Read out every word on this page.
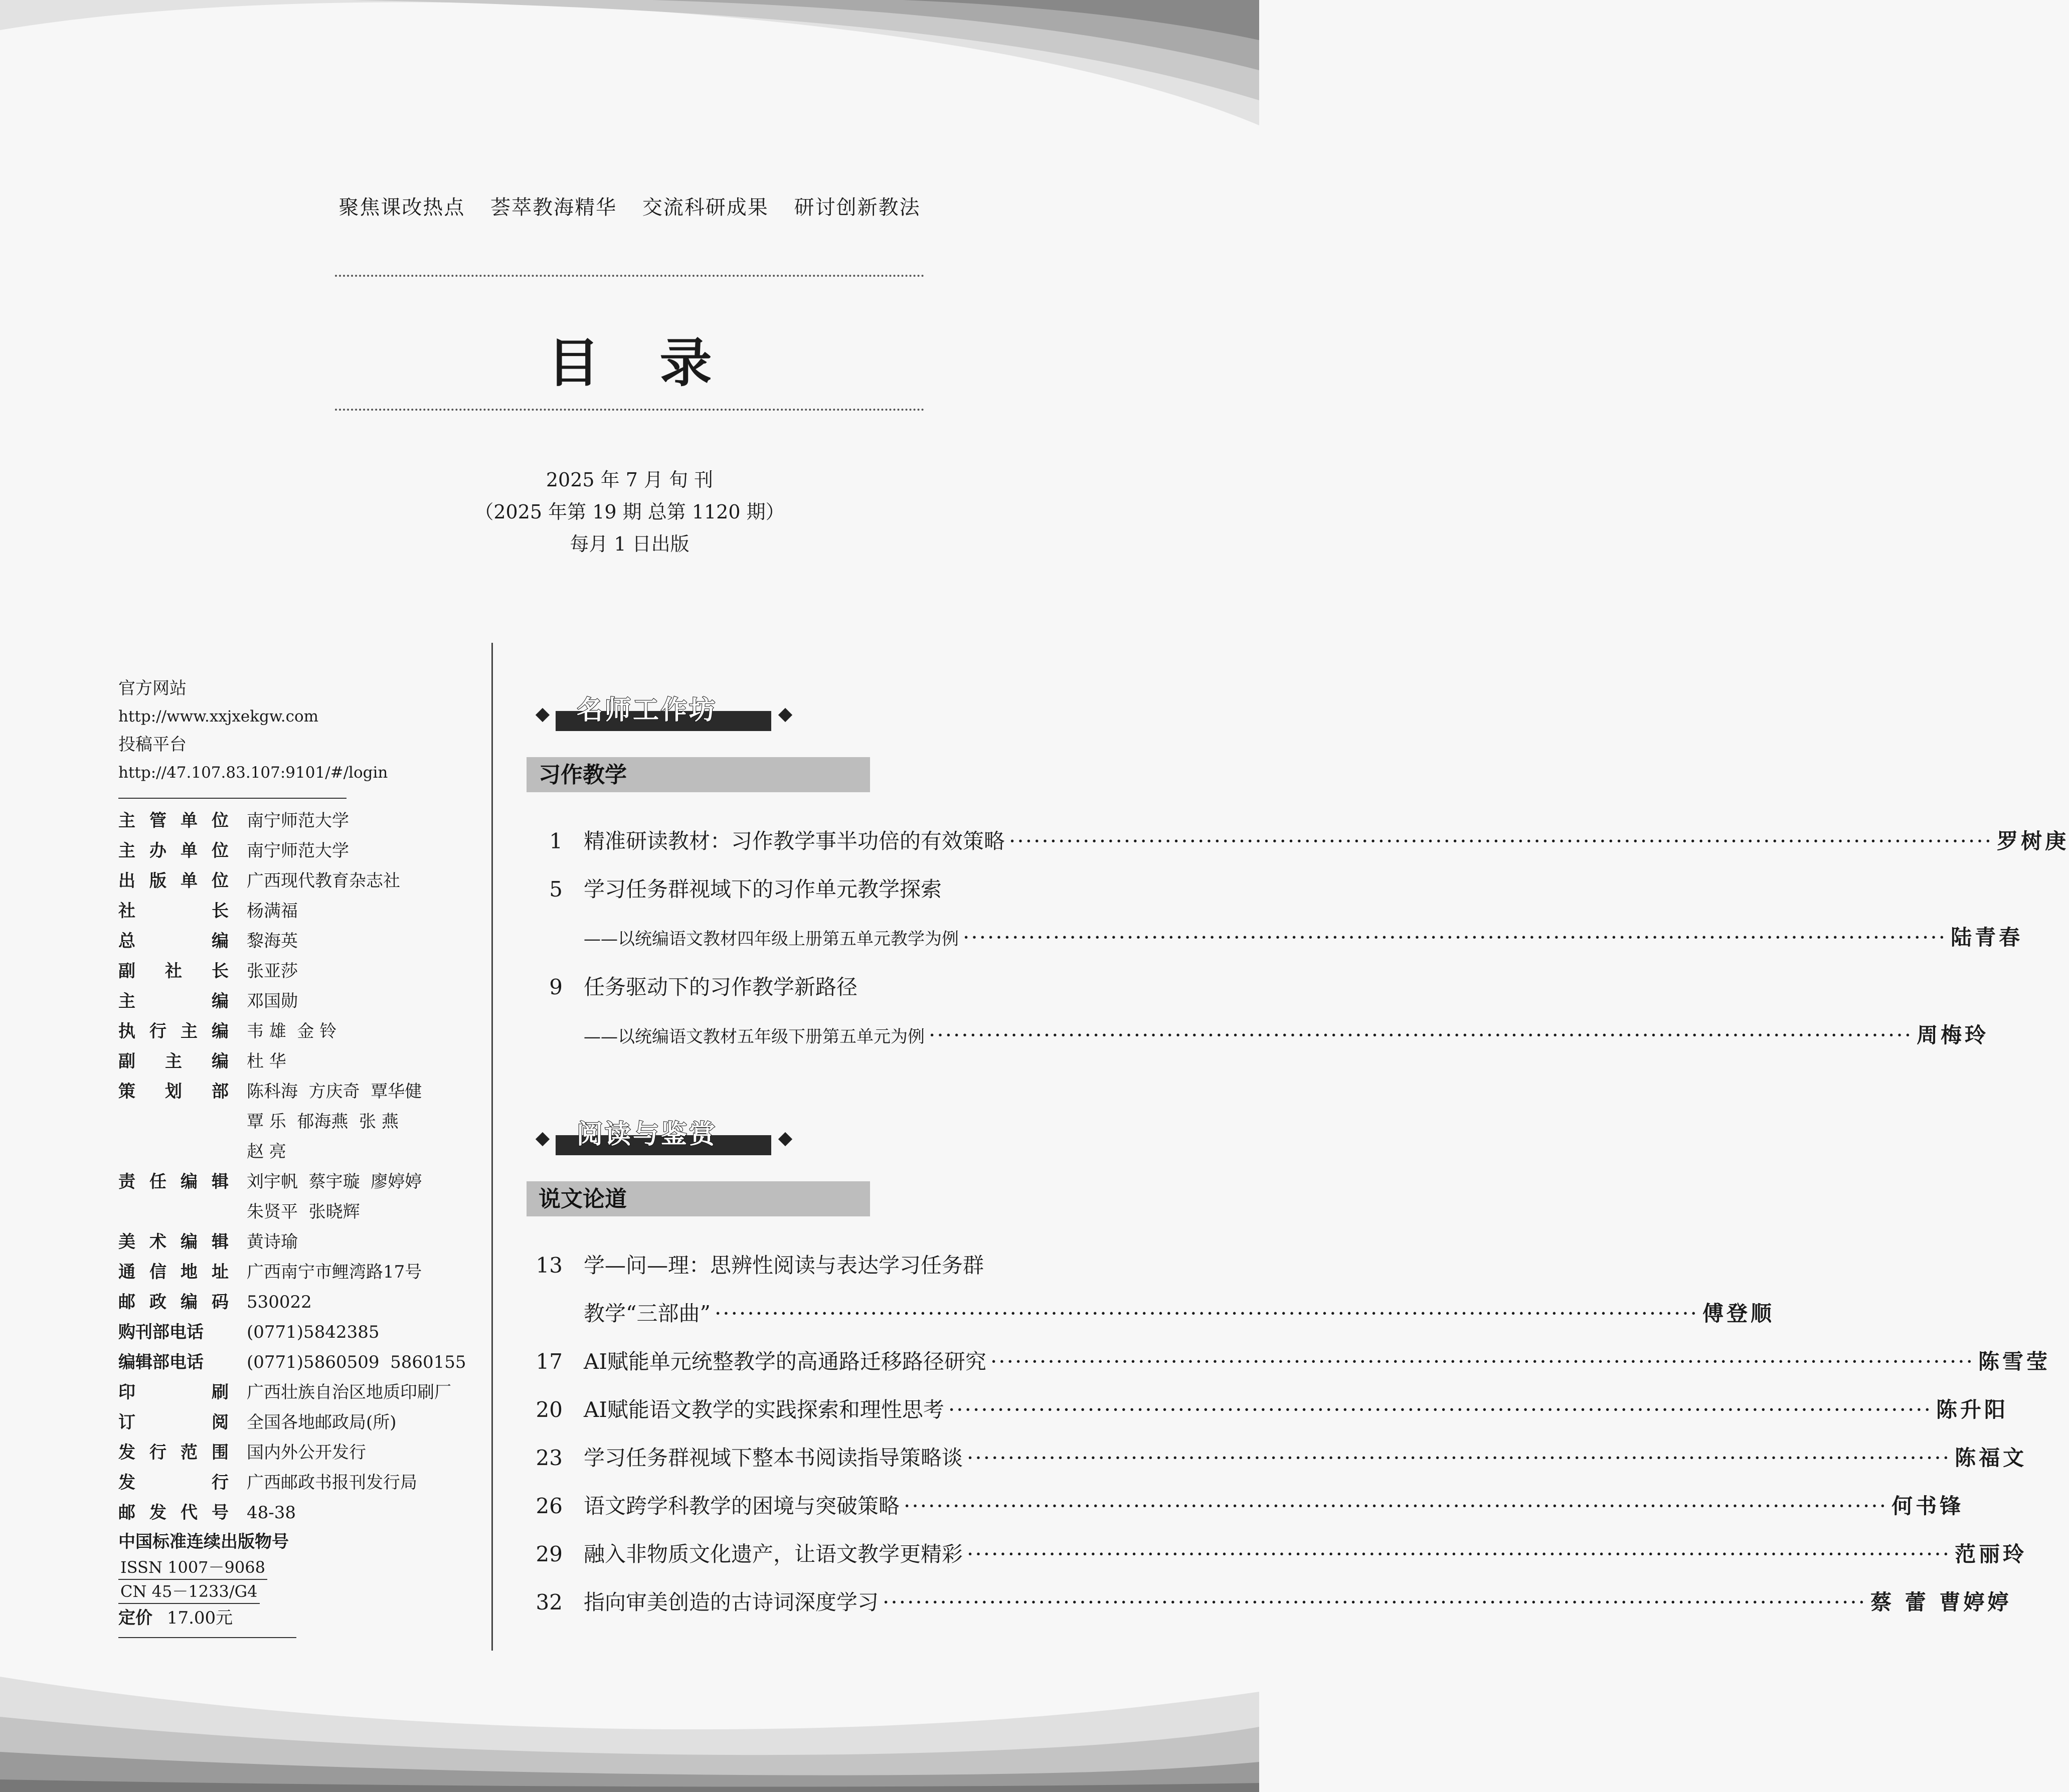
聚焦课改热点 荟萃教海精华 交流科研成果 研讨创新教法
目录
2025 年 7 月 旬 刊
（2025 年第 19 期 总第 1120 期）
每月 1 日出版
官方网站
http://www.xxjxekgw.com
投稿平台
http://47.107.83.107:9101/#/login
主管单位 南宁师范大学
主办单位 南宁师范大学
出版单位 广西现代教育杂志社
社长 杨满福
总编 黎海英
副社长 张亚莎
主编 邓国勋
执行主编 韦 雄  金 铃
副主编 杜 华
策划部 陈科海  方庆奇  覃华健
覃 乐  郁海燕  张 燕
赵 亮
责任编辑 刘宇帆  蔡宇璇  廖婷婷
朱贤平  张晓辉
美术编辑 黄诗瑜
通信地址 广西南宁市鲤湾路17号
邮政编码 530022
购刊部电话	(0771)5842385
编辑部电话	(0771)5860509  5860155
印刷 广西壮族自治区地质印刷厂
订阅 全国各地邮政局(所)
发行范围 国内外公开发行
发行 广西邮政书报刊发行局
邮发代号 48-38
中国标准连续出版物号
ISSN 1007－9068
CN 45－1233/G4
定价 17.00元
名师工作坊
习作教学
1	精准研读教材：习作教学事半功倍的有效策略 ························································································································ 罗树庚
5	学习任务群视域下的习作单元教学探索
——以统编语文教材四年级上册第五单元教学为例 ························································································································ 陆青春
9	任务驱动下的习作教学新路径
——以统编语文教材五年级下册第五单元为例 ························································································································ 周梅玲
阅读与鉴赏
说文论道
13	学—问—理：思辨性阅读与表达学习任务群
教学“三部曲” ························································································································ 傅登顺
17	AI赋能单元统整教学的高通路迁移路径研究 ························································································································ 陈雪莹
20	AI赋能语文教学的实践探索和理性思考 ························································································································ 陈升阳
23	学习任务群视域下整本书阅读指导策略谈 ························································································································ 陈福文
26	语文跨学科教学的困境与突破策略 ························································································································ 何书锋
29	融入非物质文化遗产，让语文教学更精彩 ························································································································ 范丽玲
32	指向审美创造的古诗词深度学习 ························································································································ 蔡 蕾 曹婷婷
